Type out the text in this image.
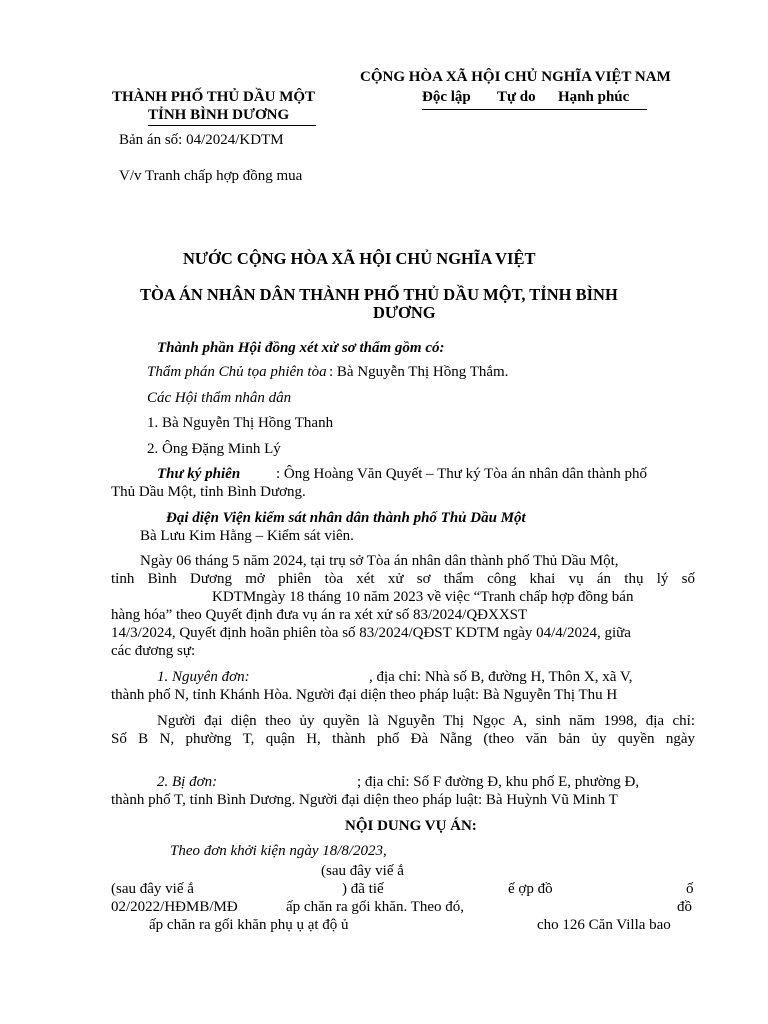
CỘNG HÒA XÃ HỘI CHỦ NGHĨA VIỆT NAM
THÀNH PHỐ THỦ DẦU MỘT	Độc lập Tự do Hạnh phúc
TỈNH BÌNH DƯƠNG
Bản án số: 04/2024/KDTM
V/v Tranh chấp hợp đồng mua
NƯỚC CỘNG HÒA XÃ HỘI CHỦ NGHĨA VIỆT
TÒA ÁN NHÂN DÂN THÀNH PHỐ THỦ DẦU MỘT, TỈNH BÌNH
DƯƠNG
Thành phần Hội đồng xét xử sơ thẩm gồm có:
Thẩm phán Chủ tọa phiên tòa : Bà Nguyễn Thị Hồng Thắm.
Các Hội thẩm nhân dân
1. Bà Nguyễn Thị Hồng Thanh
2. Ông Đặng Minh Lý
Thư ký phiên : Ông Hoàng Văn Quyết – Thư ký Tòa án nhân dân thành phố
Thủ Dầu Một, tỉnh Bình Dương.
Đại diện Viện kiểm sát nhân dân thành phố Thủ Dầu Một
Bà Lưu Kim Hằng – Kiểm sát viên.
Ngày 06 tháng 5 năm 2024, tại trụ sở Tòa án nhân dân thành phố Thủ Dầu Một,
tỉnh Bình Dương mở phiên tòa xét xử sơ thẩm công khai vụ án thụ lý số
KDTMngày 18 tháng 10 năm 2023 về việc “Tranh chấp hợp đồng bán
hàng hóa” theo Quyết định đưa vụ án ra xét xử số 83/2024/QĐXXST
14/3/2024, Quyết định hoãn phiên tòa số 83/2024/QĐST KDTM ngày 04/4/2024, giữa
các đương sự:
1. Nguyên đơn:	, địa chỉ: Nhà số B, đường H, Thôn X, xã V,
thành phố N, tỉnh Khánh Hòa. Người đại diện theo pháp luật: Bà Nguyễn Thị Thu H
Người đại diện theo ủy quyền là Nguyễn Thị Ngọc A, sinh năm 1998, địa chỉ:
Số B N, phường T, quận H, thành phố Đà Nẵng (theo văn bản ủy quyền ngày
2. Bị đơn:	; địa chỉ: Số F đường Đ, khu phố E, phường Đ,
thành phố T, tỉnh Bình Dương. Người đại diện theo pháp luật: Bà Huỳnh Vũ Minh T
NỘI DUNG VỤ ÁN:
Theo đơn khởi kiện ngày 18/8/2023,
(sau đây viế ắ
(sau đây viế ắ	) đã tiế	ế ợp đồ	ố
02/2022/HĐMB/MĐ	ấp chăn ra gối khăn. Theo đó,	đồ
ấp chăn ra gối khăn phụ ụ ạt độ ủ	cho 126 Căn Villa bao
